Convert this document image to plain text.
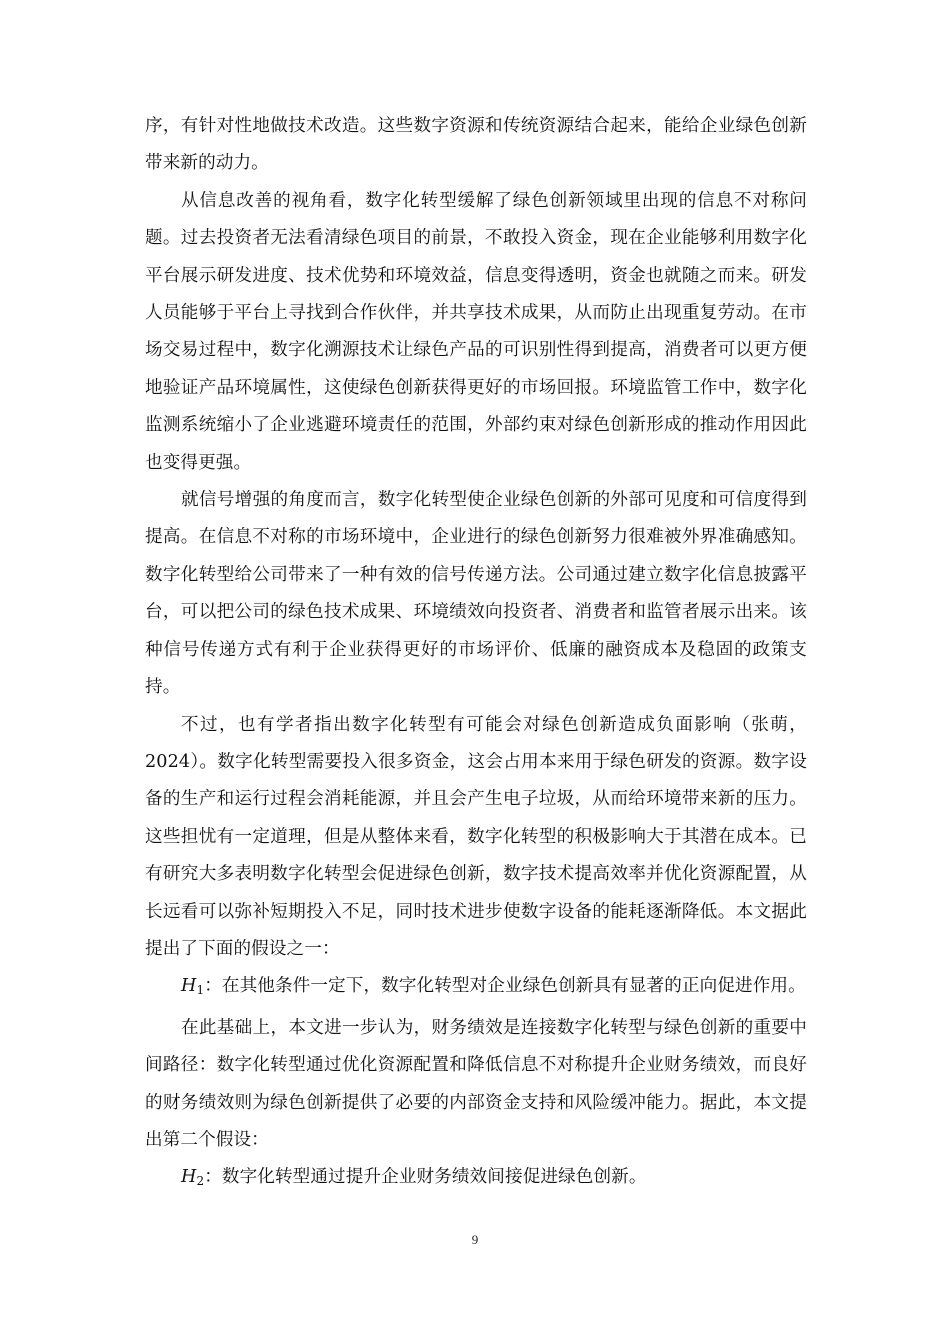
序，有针对性地做技术改造。这些数字资源和传统资源结合起来，能给企业绿色创新带来新的动力。

从信息改善的视角看，数字化转型缓解了绿色创新领域里出现的信息不对称问题。过去投资者无法看清绿色项目的前景，不敢投入资金，现在企业能够利用数字化平台展示研发进度、技术优势和环境效益，信息变得透明，资金也就随之而来。研发人员能够于平台上寻找到合作伙伴，并共享技术成果，从而防止出现重复劳动。在市场交易过程中，数字化溯源技术让绿色产品的可识别性得到提高，消费者可以更方便地验证产品环境属性，这使绿色创新获得更好的市场回报。环境监管工作中，数字化监测系统缩小了企业逃避环境责任的范围，外部约束对绿色创新形成的推动作用因此也变得更强。

就信号增强的角度而言，数字化转型使企业绿色创新的外部可见度和可信度得到提高。在信息不对称的市场环境中，企业进行的绿色创新努力很难被外界准确感知。数字化转型给公司带来了一种有效的信号传递方法。公司通过建立数字化信息披露平台，可以把公司的绿色技术成果、环境绩效向投资者、消费者和监管者展示出来。该种信号传递方式有利于企业获得更好的市场评价、低廉的融资成本及稳固的政策支持。

不过，也有学者指出数字化转型有可能会对绿色创新造成负面影响（张萌，2024）。数字化转型需要投入很多资金，这会占用本来用于绿色研发的资源。数字设备的生产和运行过程会消耗能源，并且会产生电子垃圾，从而给环境带来新的压力。这些担忧有一定道理，但是从整体来看，数字化转型的积极影响大于其潜在成本。已有研究大多表明数字化转型会促进绿色创新，数字技术提高效率并优化资源配置，从长远看可以弥补短期投入不足，同时技术进步使数字设备的能耗逐渐降低。本文据此提出了下面的假设之一：

H1：在其他条件一定下，数字化转型对企业绿色创新具有显著的正向促进作用。

在此基础上，本文进一步认为，财务绩效是连接数字化转型与绿色创新的重要中间路径：数字化转型通过优化资源配置和降低信息不对称提升企业财务绩效，而良好的财务绩效则为绿色创新提供了必要的内部资金支持和风险缓冲能力。据此，本文提出第二个假设：

H2：数字化转型通过提升企业财务绩效间接促进绿色创新。

9
